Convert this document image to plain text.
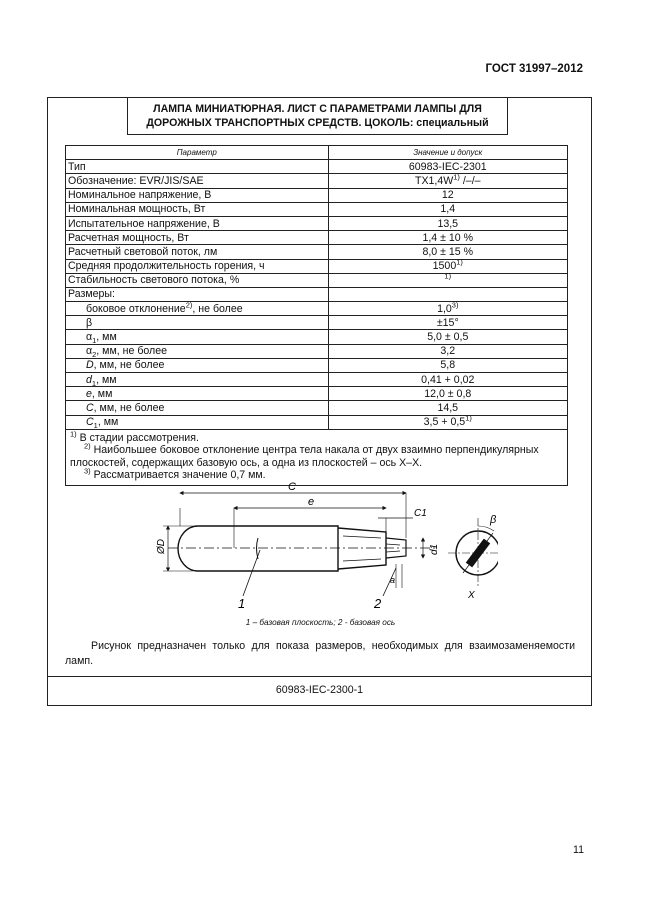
ГОСТ 31997–2012
ЛАМПА МИНИАТЮРНАЯ. ЛИСТ С ПАРАМЕТРАМИ ЛАМПЫ ДЛЯ
ДОРОЖНЫХ ТРАНСПОРТНЫХ СРЕДСТВ. ЦОКОЛЬ: специальный
Параметр	Значение и допуск
Тип	60983-IEC-2301
Обозначение: EVR/JIS/SAE	$TX1,4W^{1)}$ /–/–
Номинальное напряжение, В	12
Номинальная мощность, Вт	1,4
Испытательное напряжение, В	13,5
Расчетная мощность, Вт	1,4 ± 10 %
Расчетный световой поток, лм	8,0 ± 15 %
Средняя продолжительность горения, ч	1500$^{1)}$
Стабильность светового потока, %	$^{1)}$
Размеры:	
боковое отклонение$^{2)}$, не более	1,0$^{3)}$
β	±15°
$\alpha_1$, мм	5,0 ± 0,5
$\alpha_2$, мм, не более	3,2
D, мм, не более	5,8
$d_1$, мм	0,41 + 0,02
e, мм	12,0 ± 0,8
C, мм, не более	14,5
$C_1$, мм	$3,5 + 0,5^{1)}$

$^{1)}$ В стадии рассмотрения.
$^{2)}$ Наибольшее боковое отклонение центра тела накала от двух взаимно перпендикулярных плоскостей, содержащих базовую ось, а одна из плоскостей – ось X–X.
$^{3)}$ Рассматривается значение 0,7 мм.	
C
e
C1
ØD	d1
a
1	2
β
X
1 – базовая плоскость; 2 - базовая ось
Рисунок предназначен только для показа размеров, необходимых для взаимозаменяемости ламп.
60983-IEC-2300-1
11
